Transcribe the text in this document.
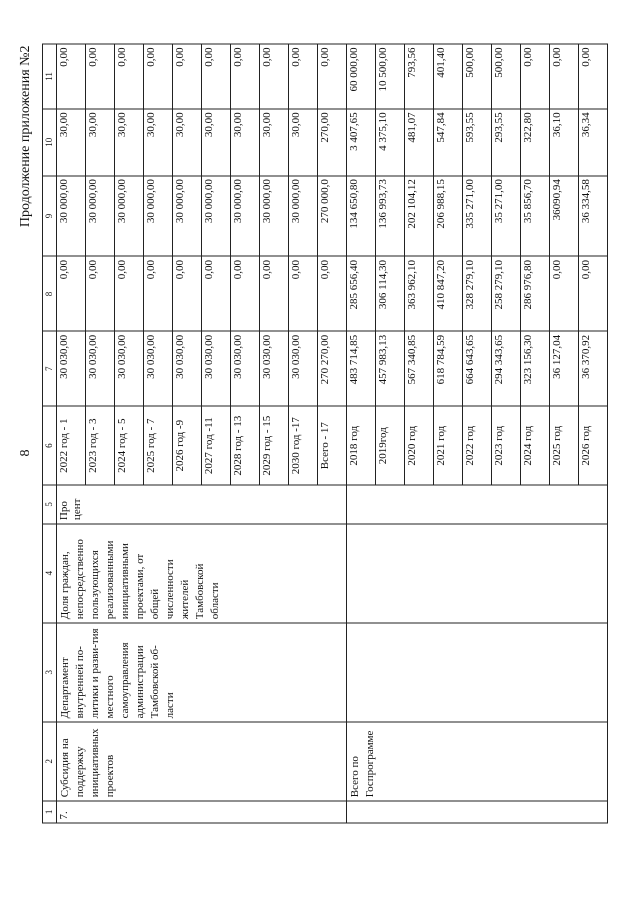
8
Продолжение приложения №2
1	2	3	4	5	6	7	8	9	10	11
7.	Субсидия на поддержку инициативных проектов	Департамент внутренней по-литики и разви-тия местного самоуправления администрации Тамбовской об-ласти	Доля граждан, непосредственно пользующихся реализованными инициативными проектами, от общей численности жителей Тамбовской области	Про цент	2022 год - 1	30 030,00	0,00	30 000,00	30,00	0,00
					2023 год - 3	30 030,00	0,00	30 000,00	30,00	0,00
					2024 год - 5	30 030,00	0,00	30 000,00	30,00	0,00
					2025 год - 7	30 030,00	0,00	30 000,00	30,00	0,00
					2026 год -9	30 030,00	0,00	30 000,00	30,00	0,00
					2027 год -11	30 030,00	0,00	30 000,00	30,00	0,00
					2028 год - 13	30 030,00	0,00	30 000,00	30,00	0,00
					2029 год - 15	30 030,00	0,00	30 000,00	30,00	0,00
					2030 год -17	30 030,00	0,00	30 000,00	30,00	0,00
					Всего - 17	270 270,00	0,00	270 000,0	270,00	0,00
	Всего по Госпрограмме				2018 год	483 714,85	285 656,40	134 650,80	3 407,65	60 000,00
					2019год	457 983,13	306 114,30	136 993,73	4 375,10	10 500,00
					2020 год	567 340,85	363 962,10	202 104,12	481,07	793,56
					2021 год	618 784,59	410 847,20	206 988,15	547,84	401,40
					2022 год	664 643,65	328 279,10	335 271,00	593,55	500,00
					2023 год	294 343,65	258 279,10	35 271,00	293,55	500,00
					2024 год	323 156,30	286 976,80	35 856,70	322,80	0,00
					2025 год	36 127,04	0,00	36090,94	36,10	0,00
					2026 год	36 370,92	0,00	36 334,58	36,34	0,00
